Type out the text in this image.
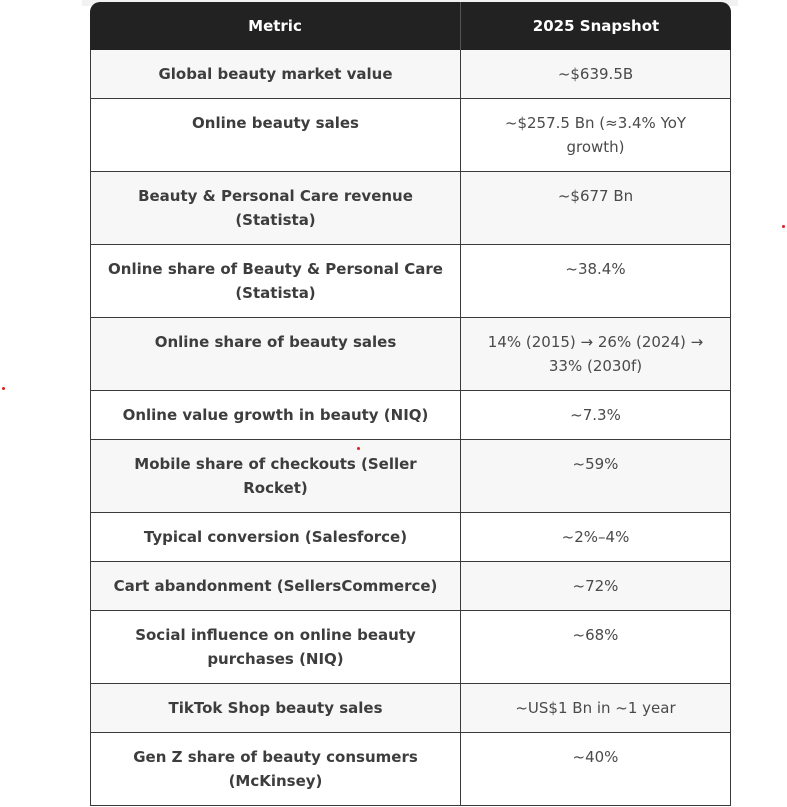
Metric	2025 Snapshot
Global beauty market value	~$639.5B
Online beauty sales	~$257.5 Bn (≈3.4% YoY growth)
Beauty & Personal Care revenue (Statista)	~$677 Bn
Online share of Beauty & Personal Care (Statista)	~38.4%
Online share of beauty sales	14% (2015) → 26% (2024) → 33% (2030f)
Online value growth in beauty (NIQ)	~7.3%
Mobile share of checkouts (Seller Rocket)	~59%
Typical conversion (Salesforce)	~2%–4%
Cart abandonment (SellersCommerce)	~72%
Social influence on online beauty purchases (NIQ)	~68%
TikTok Shop beauty sales	~US$1 Bn in ~1 year
Gen Z share of beauty consumers (McKinsey)	~40%
